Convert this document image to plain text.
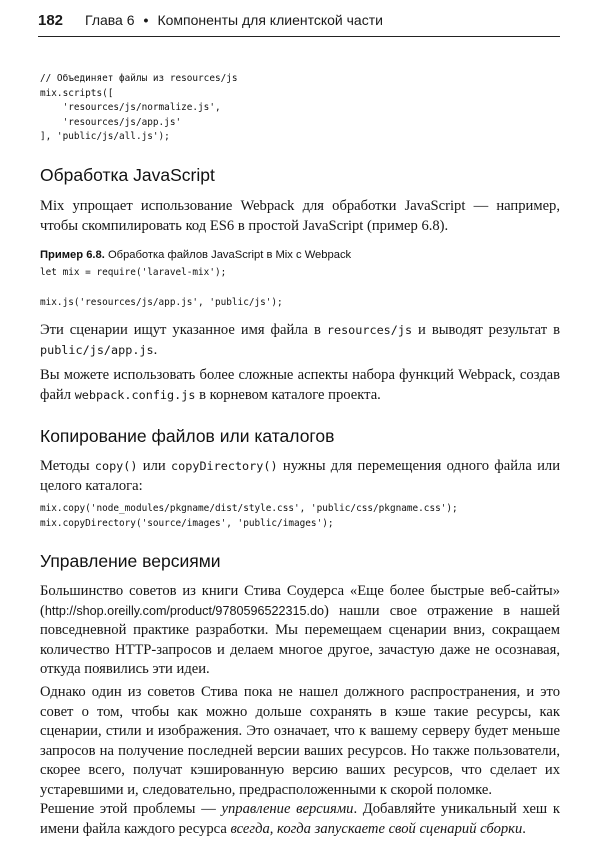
182 Глава 6 • Компоненты для клиентской части
// Объединяет файлы из resources/js
mix.scripts([
'resources/js/normalize.js',
'resources/js/app.js'
], 'public/js/all.js');
Обработка JavaScript

Mix упрощает использование Webpack для обработки JavaScript — например, чтобы скомпилировать код ES6 в простой JavaScript (пример 6.8).

Пример 6.8. Обработка файлов JavaScript в Mix с Webpack
let mix = require('laravel-mix');
mix.js('resources/js/app.js', 'public/js');

Эти сценарии ищут указанное имя файла в resources/js и выводят результат в public/js/app.js.

Вы можете использовать более сложные аспекты набора функций Webpack, создав файл webpack.config.js в корневом каталоге проекта.

Копирование файлов или каталогов

Методы copy() или copyDirectory() нужны для перемещения одного файла или целого каталога:

mix.copy('node_modules/pkgname/dist/style.css', 'public/css/pkgname.css');
mix.copyDirectory('source/images', 'public/images');
Управление версиями

Большинство советов из книги Стива Соудерса «Еще более быстрые веб-сайты» (http://shop.oreilly.com/product/9780596522315.do) нашли свое отражение в нашей повседневной практике разработки. Мы перемещаем сценарии вниз, сокращаем количество HTTP-запросов и делаем многое другое, зачастую даже не осознавая, откуда появились эти идеи.

Однако один из советов Стива пока не нашел должного распространения, и это совет о том, чтобы как можно дольше сохранять в кэше такие ресурсы, как сценарии, стили и изображения. Это означает, что к вашему серверу будет меньше запросов на получение последней версии ваших ресурсов. Но также пользователи, скорее всего, получат кэшированную версию ваших ресурсов, что сделает их устаревшими и, следовательно, предрасположенными к скорой поломке.

Решение этой проблемы — управление версиями. Добавляйте уникальный хеш к имени файла каждого ресурса всегда, когда запускаете свой сценарий сборки.
